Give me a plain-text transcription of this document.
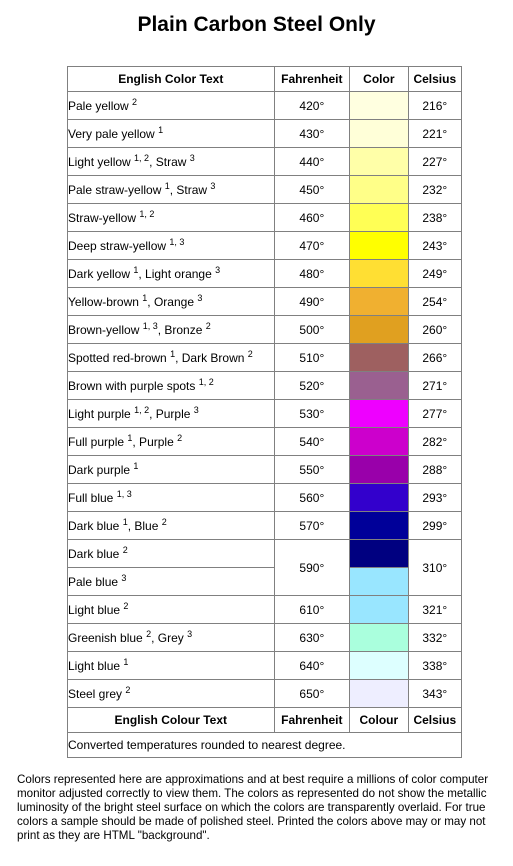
Plain Carbon Steel Only
English Color Text	Fahrenheit	Color	Celsius
Pale yellow $^2$	420°		216°
Very pale yellow $^1$	430°		221°
Light yellow $^{1, 2}$, Straw $^3$	440°		227°
Pale straw-yellow $^1$, Straw $^3$	450°		232°
Straw-yellow $^{1, 2}$	460°		238°
Deep straw-yellow $^{1, 3}$	470°		243°
Dark yellow $^1$, Light orange $^3$	480°		249°
Yellow-brown $^1$, Orange $^3$	490°		254°
Brown-yellow $^{1, 3}$, Bronze $^2$	500°		260°
Spotted red-brown $^1$, Dark Brown $^2$	510°		266°
Brown with purple spots $^{1, 2}$	520°		271°
Light purple $^{1, 2}$, Purple $^3$	530°		277°
Full purple $^1$, Purple $^2$	540°		282°
Dark purple $^1$	550°		288°
Full blue $^{1, 3}$	560°		293°
Dark blue $^1$, Blue $^2$	570°		299°
Dark blue $^2$	590°		310°
Pale blue $^3$	
Light blue $^2$	610°		321°
Greenish blue $^2$, Grey $^3$	630°		332°
Light blue $^1$	640°		338°
Steel grey $^2$	650°		343°
English Colour Text	Fahrenheit	Colour	Celsius
Converted temperatures rounded to nearest degree.			
Colors represented here are approximations and at best require a millions of color computer monitor adjusted correctly to view them. The colors as represented do not show the metallic luminosity of the bright steel surface on which the colors are transparently overlaid. For true colors a sample should be made of polished steel. Printed the colors above may or may not print as they are HTML "background".
